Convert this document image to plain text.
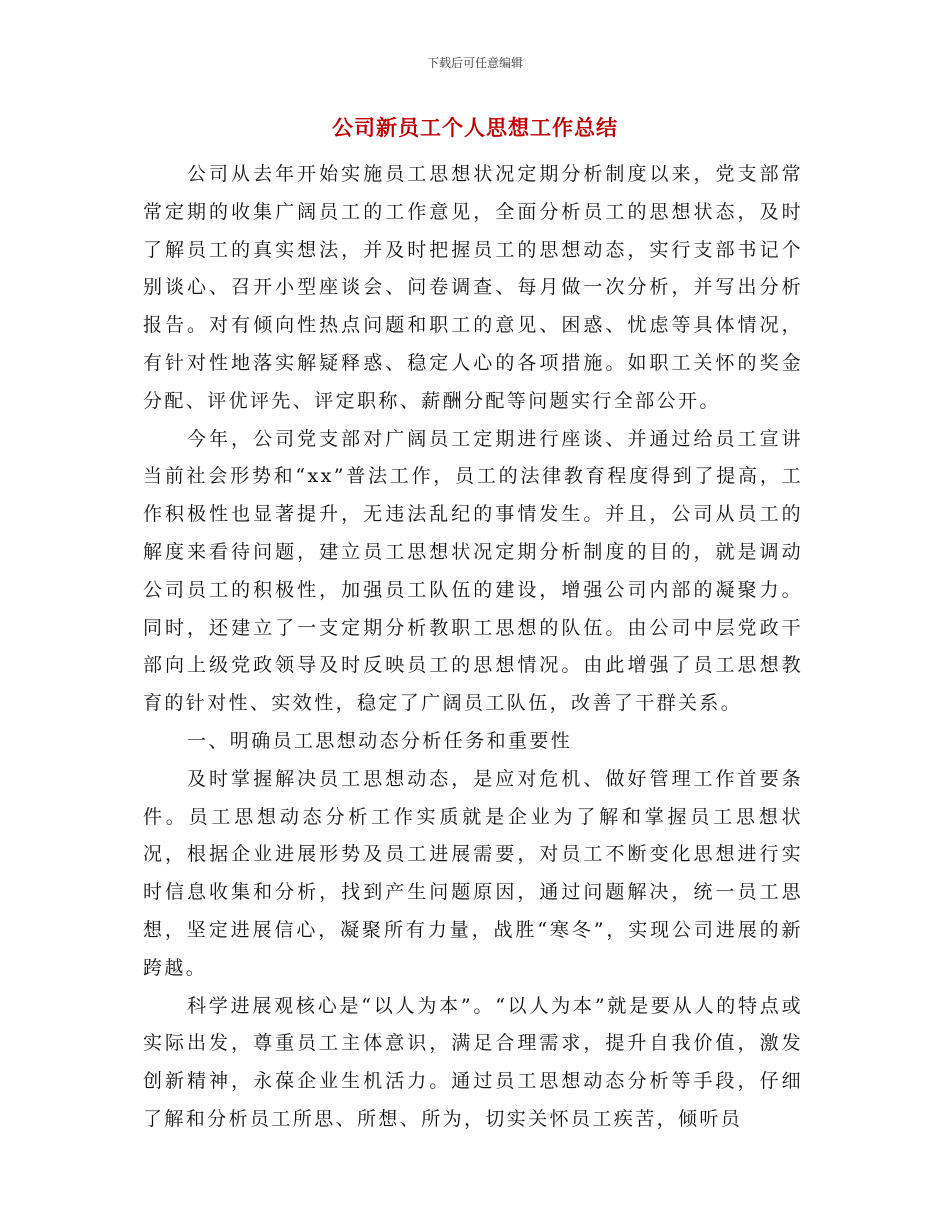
下载后可任意编辑
公司新员工个人思想工作总结

公司从去年开始实施员工思想状况定期分析制度以来，党支部常常定期的收集广阔员工的工作意见，全面分析员工的思想状态，及时了解员工的真实想法，并及时把握员工的思想动态，实行支部书记个别谈心、召开小型座谈会、问卷调查、每月做一次分析，并写出分析报告。对有倾向性热点问题和职工的意见、困惑、忧虑等具体情况，有针对性地落实解疑释惑、稳定人心的各项措施。如职工关怀的奖金分配、评优评先、评定职称、薪酬分配等问题实行全部公开。

今年，公司党支部对广阔员工定期进行座谈、并通过给员工宣讲当前社会形势和“xx”普法工作，员工的法律教育程度得到了提高，工作积极性也显著提升，无违法乱纪的事情发生。并且，公司从员工的解度来看待问题，建立员工思想状况定期分析制度的目的，就是调动公司员工的积极性，加强员工队伍的建设，增强公司内部的凝聚力。同时，还建立了一支定期分析教职工思想的队伍。由公司中层党政干部向上级党政领导及时反映员工的思想情况。由此增强了员工思想教育的针对性、实效性，稳定了广阔员工队伍，改善了干群关系。

一、明确员工思想动态分析任务和重要性

及时掌握解决员工思想动态，是应对危机、做好管理工作首要条件。员工思想动态分析工作实质就是企业为了解和掌握员工思想状况，根据企业进展形势及员工进展需要，对员工不断变化思想进行实时信息收集和分析，找到产生问题原因，通过问题解决，统一员工思想，坚定进展信心，凝聚所有力量，战胜“寒冬”，实现公司进展的新跨越。

科学进展观核心是“以人为本”。“以人为本”就是要从人的特点或实际出发，尊重员工主体意识，满足合理需求，提升自我价值，激发创新精神，永葆企业生机活力。通过员工思想动态分析等手段，仔细了解和分析员工所思、所想、所为，切实关怀员工疾苦，倾听员
